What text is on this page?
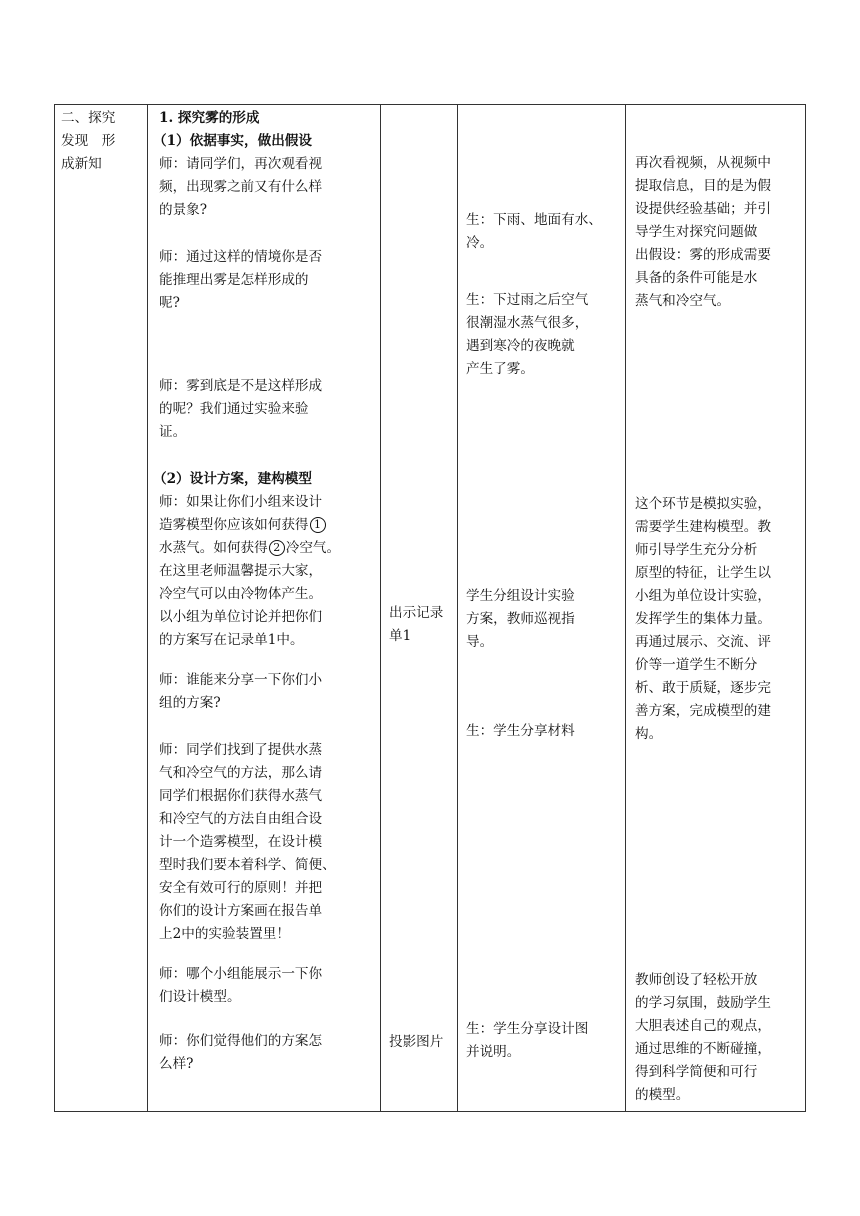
二、探究
发现　形
成新知
1. 探究雾的形成
（1）依据事实，做出假设
师：请同学们，再次观看视
频，出现雾之前又有什么样
的景象?
师：通过这样的情境你是否
能推理出雾是怎样形成的
呢?
师：雾到底是不是这样形成
的呢？我们通过实验来验
证。
（2）设计方案，建构模型
师：如果让你们小组来设计
造雾模型你应该如何获得 1
水蒸气。如何获得 2 冷空气。
在这里老师温馨提示大家，
冷空气可以由冷物体产生。
以小组为单位讨论并把你们
的方案写在记录单1中。
师：谁能来分享一下你们小
组的方案?
师：同学们找到了提供水蒸
气和冷空气的方法，那么请
同学们根据你们获得水蒸气
和冷空气的方法自由组合设
计一个造雾模型，在设计模
型时我们要本着科学、简便、
安全有效可行的原则！并把
你们的设计方案画在报告单
上2中的实验装置里！
师：哪个小组能展示一下你
们设计模型。
师：你们觉得他们的方案怎
么样?
出示记录
单1
投影图片
生：下雨、地面有水、
冷。
生：下过雨之后空气
很潮湿水蒸气很多，
遇到寒冷的夜晚就
产生了雾。
学生分组设计实验
方案，教师巡视指
导。
生：学生分享材料
生：学生分享设计图
并说明。
再次看视频，从视频中
提取信息，目的是为假
设提供经验基础；并引
导学生对探究问题做
出假设：雾的形成需要
具备的条件可能是水
蒸气和冷空气。
这个环节是模拟实验，
需要学生建构模型。教
师引导学生充分分析
原型的特征，让学生以
小组为单位设计实验，
发挥学生的集体力量。
再通过展示、交流、评
价等一道学生不断分
析、敢于质疑，逐步完
善方案，完成模型的建
构。
教师创设了轻松开放
的学习氛围，鼓励学生
大胆表述自己的观点，
通过思维的不断碰撞，
得到科学简便和可行
的模型。
